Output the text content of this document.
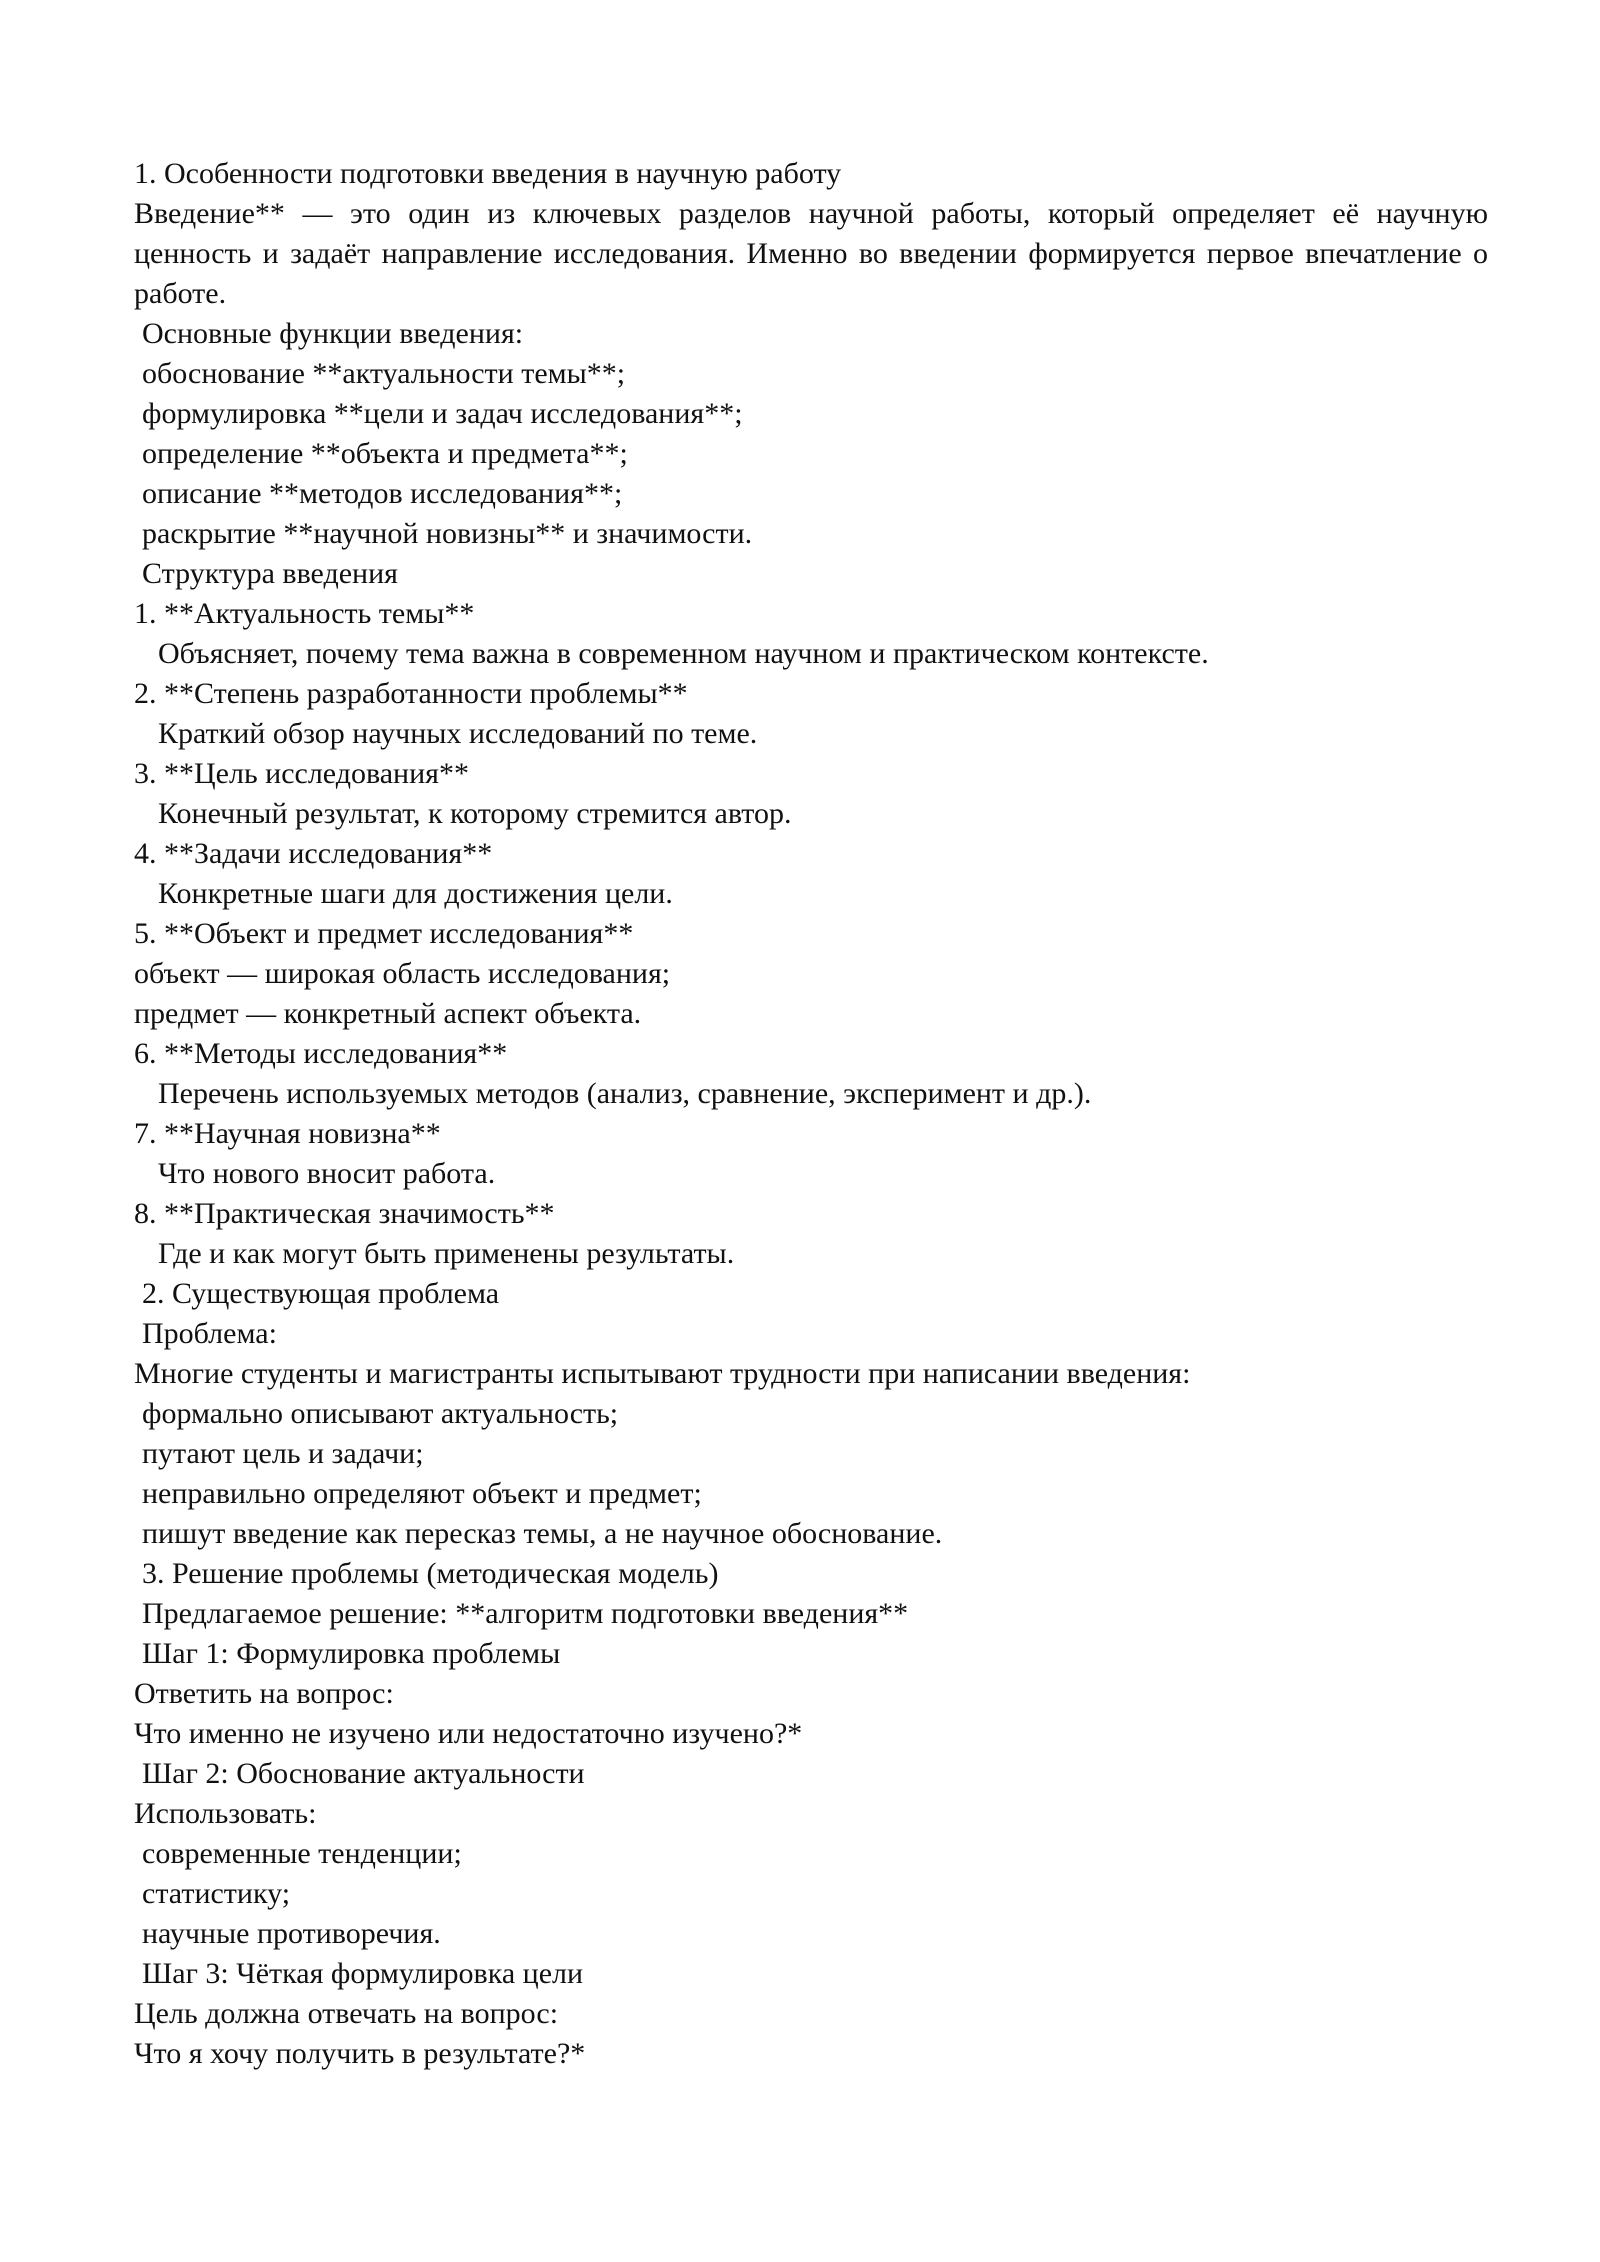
1. Особенности подготовки введения в научную работу

Введение** — это один из ключевых разделов научной работы, который определяет её научную ценность и задаёт направление исследования. Именно во введении формируется первое впечатление о работе.

Основные функции введения:

обоснование **актуальности темы**;

формулировка **цели и задач исследования**;

определение **объекта и предмета**;

описание **методов исследования**;

раскрытие **научной новизны** и значимости.

Структура введения

1. **Актуальность темы**

Объясняет, почему тема важна в современном научном и практическом контексте.

2. **Степень разработанности проблемы**

Краткий обзор научных исследований по теме.

3. **Цель исследования**

Конечный результат, к которому стремится автор.

4. **Задачи исследования**

Конкретные шаги для достижения цели.

5. **Объект и предмет исследования**

объект — широкая область исследования;

предмет — конкретный аспект объекта.

6. **Методы исследования**

Перечень используемых методов (анализ, сравнение, эксперимент и др.).

7. **Научная новизна**

Что нового вносит работа.

8. **Практическая значимость**

Где и как могут быть применены результаты.

2. Существующая проблема

Проблема:

Многие студенты и магистранты испытывают трудности при написании введения:

формально описывают актуальность;

путают цель и задачи;

неправильно определяют объект и предмет;

пишут введение как пересказ темы, а не научное обоснование.

3. Решение проблемы (методическая модель)

Предлагаемое решение: **алгоритм подготовки введения**

Шаг 1: Формулировка проблемы

Ответить на вопрос:

Что именно не изучено или недостаточно изучено?*

Шаг 2: Обоснование актуальности

Использовать:

современные тенденции;

статистику;

научные противоречия.

Шаг 3: Чёткая формулировка цели

Цель должна отвечать на вопрос:

Что я хочу получить в результате?*
